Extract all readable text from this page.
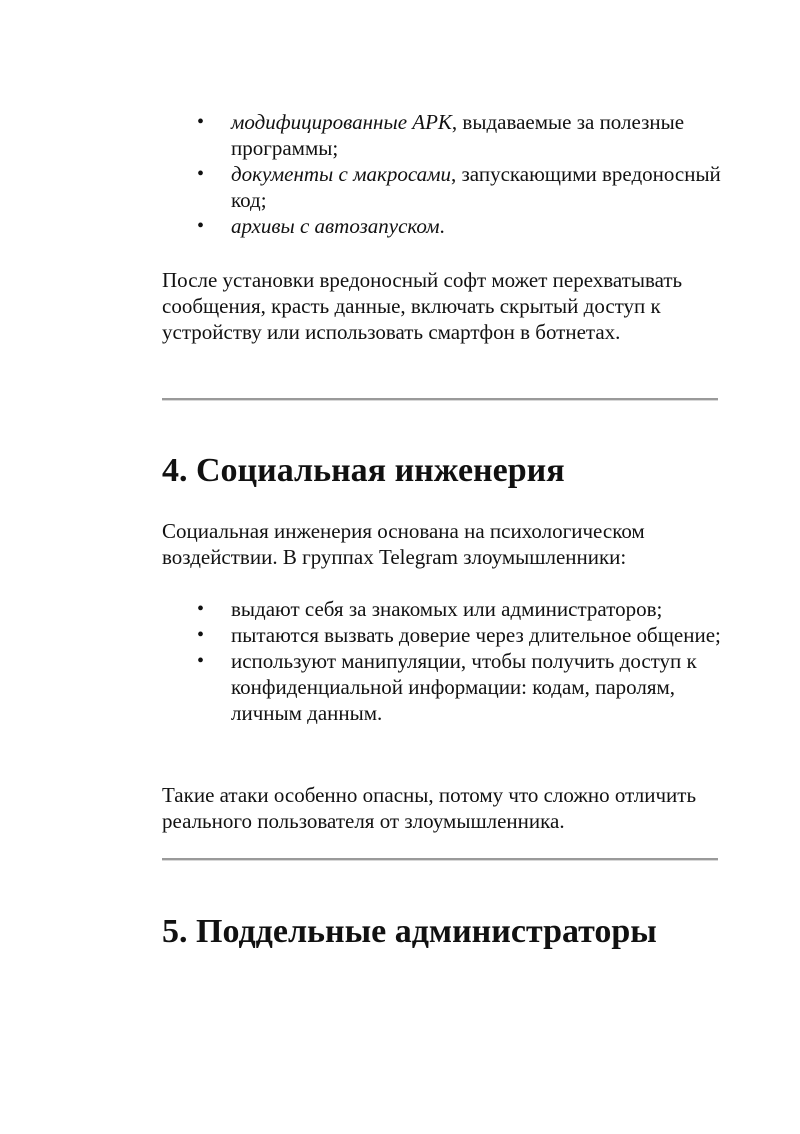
• модифицированные APK, выдаваемые за полезные программы;
• документы с макросами, запускающими вредоносный код;
• архивы с автозапуском.

После установки вредоносный софт может перехватывать сообщения, красть данные, включать скрытый доступ к устройству или использовать смартфон в ботнетах.

4. Социальная инженерия

Социальная инженерия основана на психологическом воздействии. В группах Telegram злоумышленники:

• выдают себя за знакомых или администраторов;
• пытаются вызвать доверие через длительное общение;
• используют манипуляции, чтобы получить доступ к конфиденциальной информации: кодам, паролям, личным данным.

Такие атаки особенно опасны, потому что сложно отличить реального пользователя от злоумышленника.

5. Поддельные администраторы
